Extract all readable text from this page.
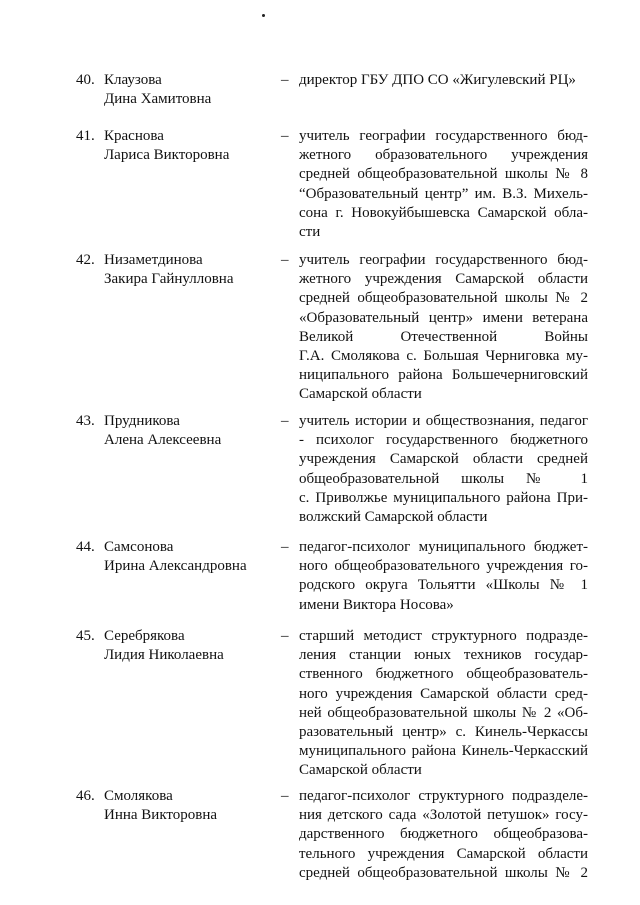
40. Клаузова
Дина Хамитовна
– директор ГБУ ДПО СО «Жигулевский РЦ»
41. Краснова
Лариса Викторовна
– учитель географии государственного бюд-
жетного образовательного учреждения
средней общеобразовательной школы № 8
“Образовательный центр” им. В.З. Михель-
сона г. Новокуйбышевска Самарской обла-
сти
42. Низаметдинова
Закира Гайнулловна
– учитель географии государственного бюд-
жетного учреждения Самарской области
средней общеобразовательной школы № 2
«Образовательный центр» имени ветерана
Великой Отечественной Войны
Г.А. Смолякова с. Большая Черниговка му-
ниципального района Большечерниговский
Самарской области
43. Прудникова
Алена Алексеевна
– учитель истории и обществознания, педагог
- психолог государственного бюджетного
учреждения Самарской области средней
общеобразовательной школы № 1
с. Приволжье муниципального района При-
волжский Самарской области
44. Самсонова
Ирина Александровна
– педагог-психолог муниципального бюджет-
ного общеобразовательного учреждения го-
родского округа Тольятти «Школы № 1
имени Виктора Носова»
45. Серебрякова
Лидия Николаевна
– старший методист структурного подразде-
ления станции юных техников государ-
ственного бюджетного общеобразователь-
ного учреждения Самарской области сред-
ней общеобразовательной школы № 2 «Об-
разовательный центр» с. Кинель-Черкассы
муниципального района Кинель-Черкасский
Самарской области
46. Смолякова
Инна Викторовна
– педагог-психолог структурного подразделе-
ния детского сада «Золотой петушок» госу-
дарственного бюджетного общеобразова-
тельного учреждения Самарской области
средней общеобразовательной школы № 2
